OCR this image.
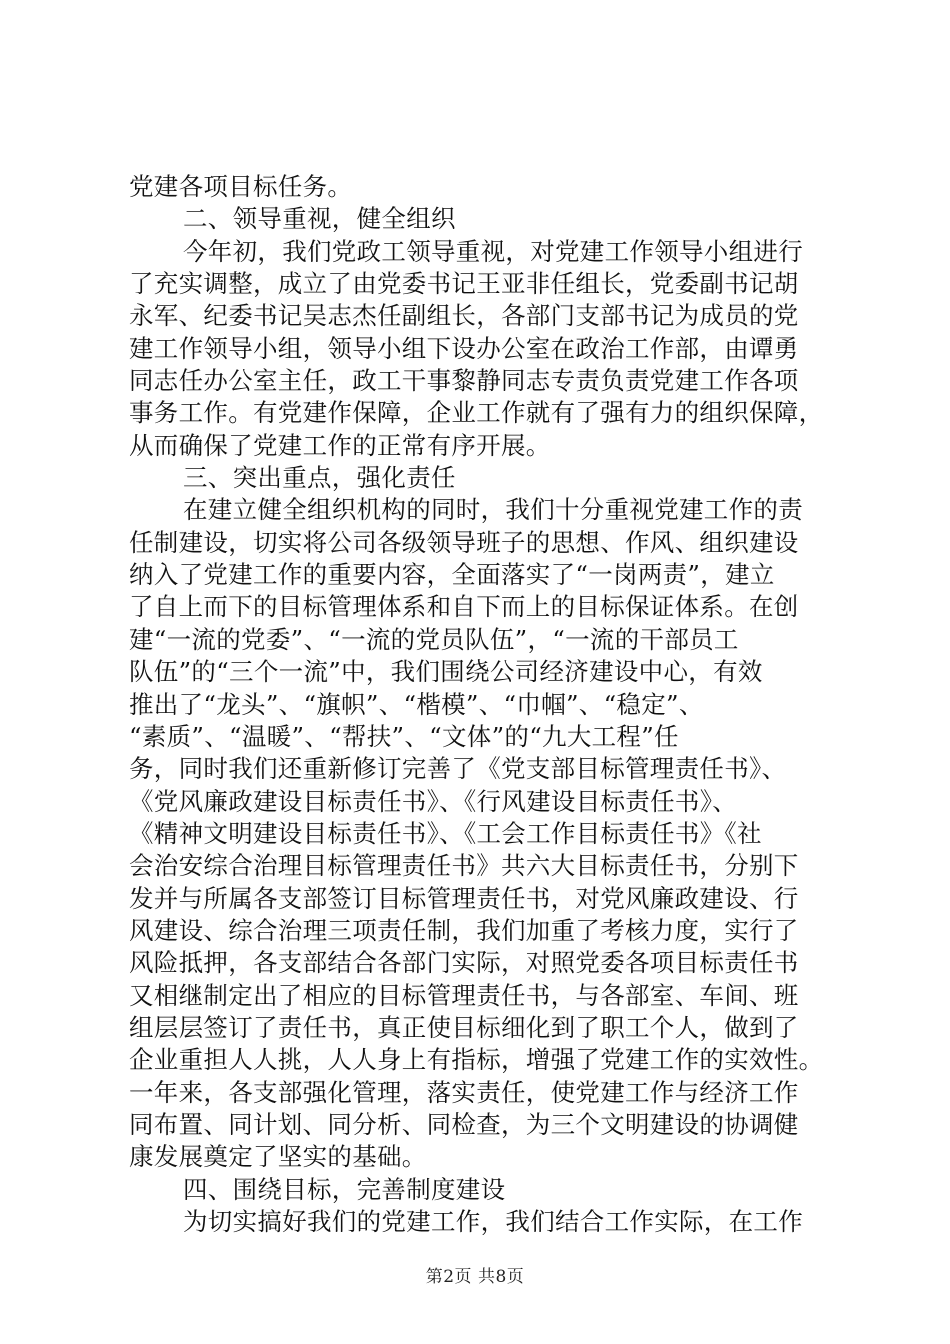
党建各项目标任务。
二、领导重视，健全组织
今年初，我们党政工领导重视，对党建工作领导小组进行
了充实调整，成立了由党委书记王亚非任组长，党委副书记胡
永军、纪委书记吴志杰任副组长，各部门支部书记为成员的党
建工作领导小组，领导小组下设办公室在政治工作部，由谭勇
同志任办公室主任，政工干事黎静同志专责负责党建工作各项
事务工作。有党建作保障，企业工作就有了强有力的组织保障，
从而确保了党建工作的正常有序开展。
三、突出重点，强化责任
在建立健全组织机构的同时，我们十分重视党建工作的责
任制建设，切实将公司各级领导班子的思想、作风、组织建设
纳入了党建工作的重要内容，全面落实了“一岗两责”，建立
了自上而下的目标管理体系和自下而上的目标保证体系。在创
建“一流的党委”、“一流的党员队伍”，“一流的干部员工
队伍”的“三个一流”中，我们围绕公司经济建设中心，有效
推出了“龙头”、“旗帜”、“楷模”、“巾帼”、“稳定”、
“素质”、“温暖”、“帮扶”、“文体”的“九大工程”任
务，同时我们还重新修订完善了《党支部目标管理责任书》、
《党风廉政建设目标责任书》、《行风建设目标责任书》、
《精神文明建设目标责任书》、《工会工作目标责任书》《社
会治安综合治理目标管理责任书》共六大目标责任书，分别下
发并与所属各支部签订目标管理责任书，对党风廉政建设、行
风建设、综合治理三项责任制，我们加重了考核力度，实行了
风险抵押，各支部结合各部门实际，对照党委各项目标责任书
又相继制定出了相应的目标管理责任书，与各部室、车间、班
组层层签订了责任书，真正使目标细化到了职工个人，做到了
企业重担人人挑，人人身上有指标，增强了党建工作的实效性。
一年来，各支部强化管理，落实责任，使党建工作与经济工作
同布置、同计划、同分析、同检查，为三个文明建设的协调健
康发展奠定了坚实的基础。
四、围绕目标，完善制度建设
为切实搞好我们的党建工作，我们结合工作实际，在工作
第2页 共8页
